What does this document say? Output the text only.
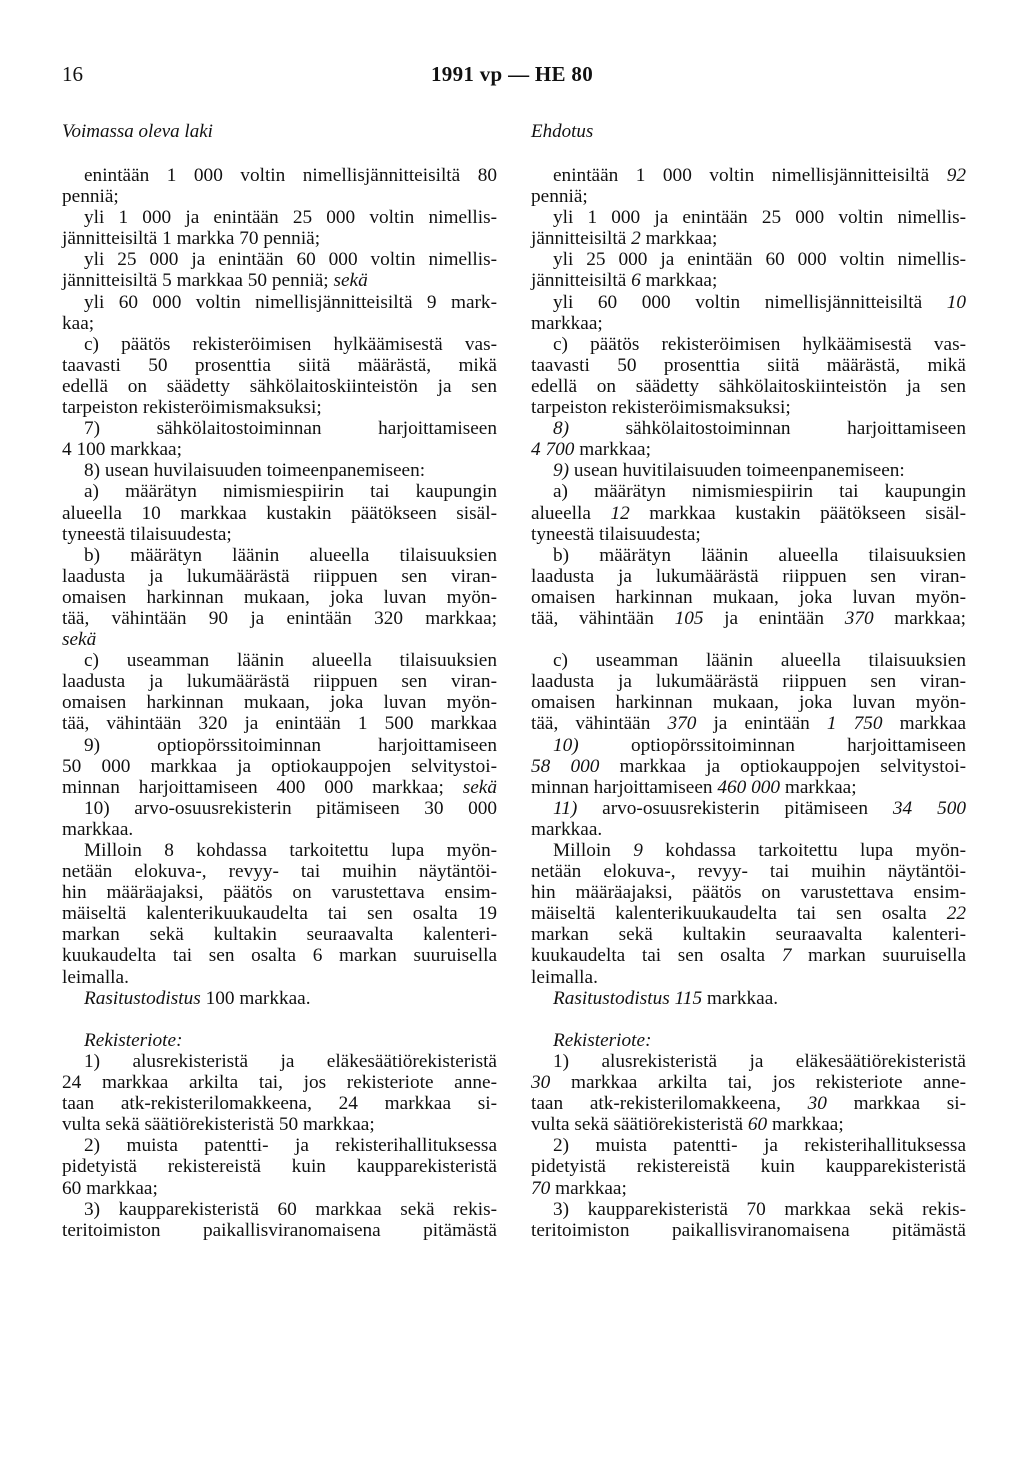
16	1991 vp — HE 80
Voimassa oleva laki	Ehdotus
enintään 1 000 voltin nimellisjännitteisiltä 80
penniä;
yli 1 000 ja enintään 25 000 voltin nimellis-
jännitteisiltä 1 markka 70 penniä;
yli 25 000 ja enintään 60 000 voltin nimellis-
jännitteisiltä 5 markkaa 50 penniä; sekä
yli 60 000 voltin nimellisjännitteisiltä 9 mark-
kaa;
c) päätös rekisteröimisen hylkäämisestä vas-
taavasti 50 prosenttia siitä määrästä, mikä
edellä on säädetty sähkölaitoskiinteistön ja sen
tarpeiston rekisteröimismaksuksi;
7) sähkölaitostoiminnan harjoittamiseen
4 100 markkaa;
8) usean huvilaisuuden toimeenpanemiseen:
a) määrätyn nimismiespiirin tai kaupungin
alueella 10 markkaa kustakin päätökseen sisäl-
tyneestä tilaisuudesta;
b) määrätyn läänin alueella tilaisuuksien
laadusta ja lukumäärästä riippuen sen viran-
omaisen harkinnan mukaan, joka luvan myön-
tää, vähintään 90 ja enintään 320 markkaa;
sekä
c) useamman läänin alueella tilaisuuksien
laadusta ja lukumäärästä riippuen sen viran-
omaisen harkinnan mukaan, joka luvan myön-
tää, vähintään 320 ja enintään 1 500 markkaa
9) optiopörssitoiminnan harjoittamiseen
50 000 markkaa ja optiokauppojen selvitystoi-
minnan harjoittamiseen 400 000 markkaa; sekä
10) arvo-osuusrekisterin pitämiseen 30 000
markkaa.
Milloin 8 kohdassa tarkoitettu lupa myön-
netään elokuva-, revyy- tai muihin näytäntöi-
hin määräajaksi, päätös on varustettava ensim-
mäiseltä kalenterikuukaudelta tai sen osalta 19
markan sekä kultakin seuraavalta kalenteri-
kuukaudelta tai sen osalta 6 markan suuruisella
leimalla.
Rasitustodistus 100 markkaa.
Rekisteriote:
1) alusrekisteristä ja eläkesäätiörekisteristä
24 markkaa arkilta tai, jos rekisteriote anne-
taan atk-rekisterilomakkeena, 24 markkaa si-
vulta sekä säätiörekisteristä 50 markkaa;
2) muista patentti- ja rekisterihallituksessa
pidetyistä rekistereistä kuin kaupparekisteristä
60 markkaa;
3) kaupparekisteristä 60 markkaa sekä rekis-
teritoimiston paikallisviranomaisena pitämästä
enintään 1 000 voltin nimellisjännitteisiltä 92
penniä;
yli 1 000 ja enintään 25 000 voltin nimellis-
jännitteisiltä 2 markkaa;
yli 25 000 ja enintään 60 000 voltin nimellis-
jännitteisiltä 6 markkaa;
yli 60 000 voltin nimellisjännitteisiltä 10
markkaa;
c) päätös rekisteröimisen hylkäämisestä vas-
taavasti 50 prosenttia siitä määrästä, mikä
edellä on säädetty sähkölaitoskiinteistön ja sen
tarpeiston rekisteröimismaksuksi;
8) sähkölaitostoiminnan harjoittamiseen
4 700 markkaa;
9) usean huvitilaisuuden toimeenpanemiseen:
a) määrätyn nimismiespiirin tai kaupungin
alueella 12 markkaa kustakin päätökseen sisäl-
tyneestä tilaisuudesta;
b) määrätyn läänin alueella tilaisuuksien
laadusta ja lukumäärästä riippuen sen viran-
omaisen harkinnan mukaan, joka luvan myön-
tää, vähintään 105 ja enintään 370 markkaa;
c) useamman läänin alueella tilaisuuksien
laadusta ja lukumäärästä riippuen sen viran-
omaisen harkinnan mukaan, joka luvan myön-
tää, vähintään 370 ja enintään 1 750 markkaa
10) optiopörssitoiminnan harjoittamiseen
58 000 markkaa ja optiokauppojen selvitystoi-
minnan harjoittamiseen 460 000 markkaa;
11) arvo-osuusrekisterin pitämiseen 34 500
markkaa.
Milloin 9 kohdassa tarkoitettu lupa myön-
netään elokuva-, revyy- tai muihin näytäntöi-
hin määräajaksi, päätös on varustettava ensim-
mäiseltä kalenterikuukaudelta tai sen osalta 22
markan sekä kultakin seuraavalta kalenteri-
kuukaudelta tai sen osalta 7 markan suuruisella
leimalla.
Rasitustodistus 115 markkaa.
Rekisteriote:
1) alusrekisteristä ja eläkesäätiörekisteristä
30 markkaa arkilta tai, jos rekisteriote anne-
taan atk-rekisterilomakkeena, 30 markkaa si-
vulta sekä säätiörekisteristä 60 markkaa;
2) muista patentti- ja rekisterihallituksessa
pidetyistä rekistereistä kuin kaupparekisteristä
70 markkaa;
3) kaupparekisteristä 70 markkaa sekä rekis-
teritoimiston paikallisviranomaisena pitämästä
